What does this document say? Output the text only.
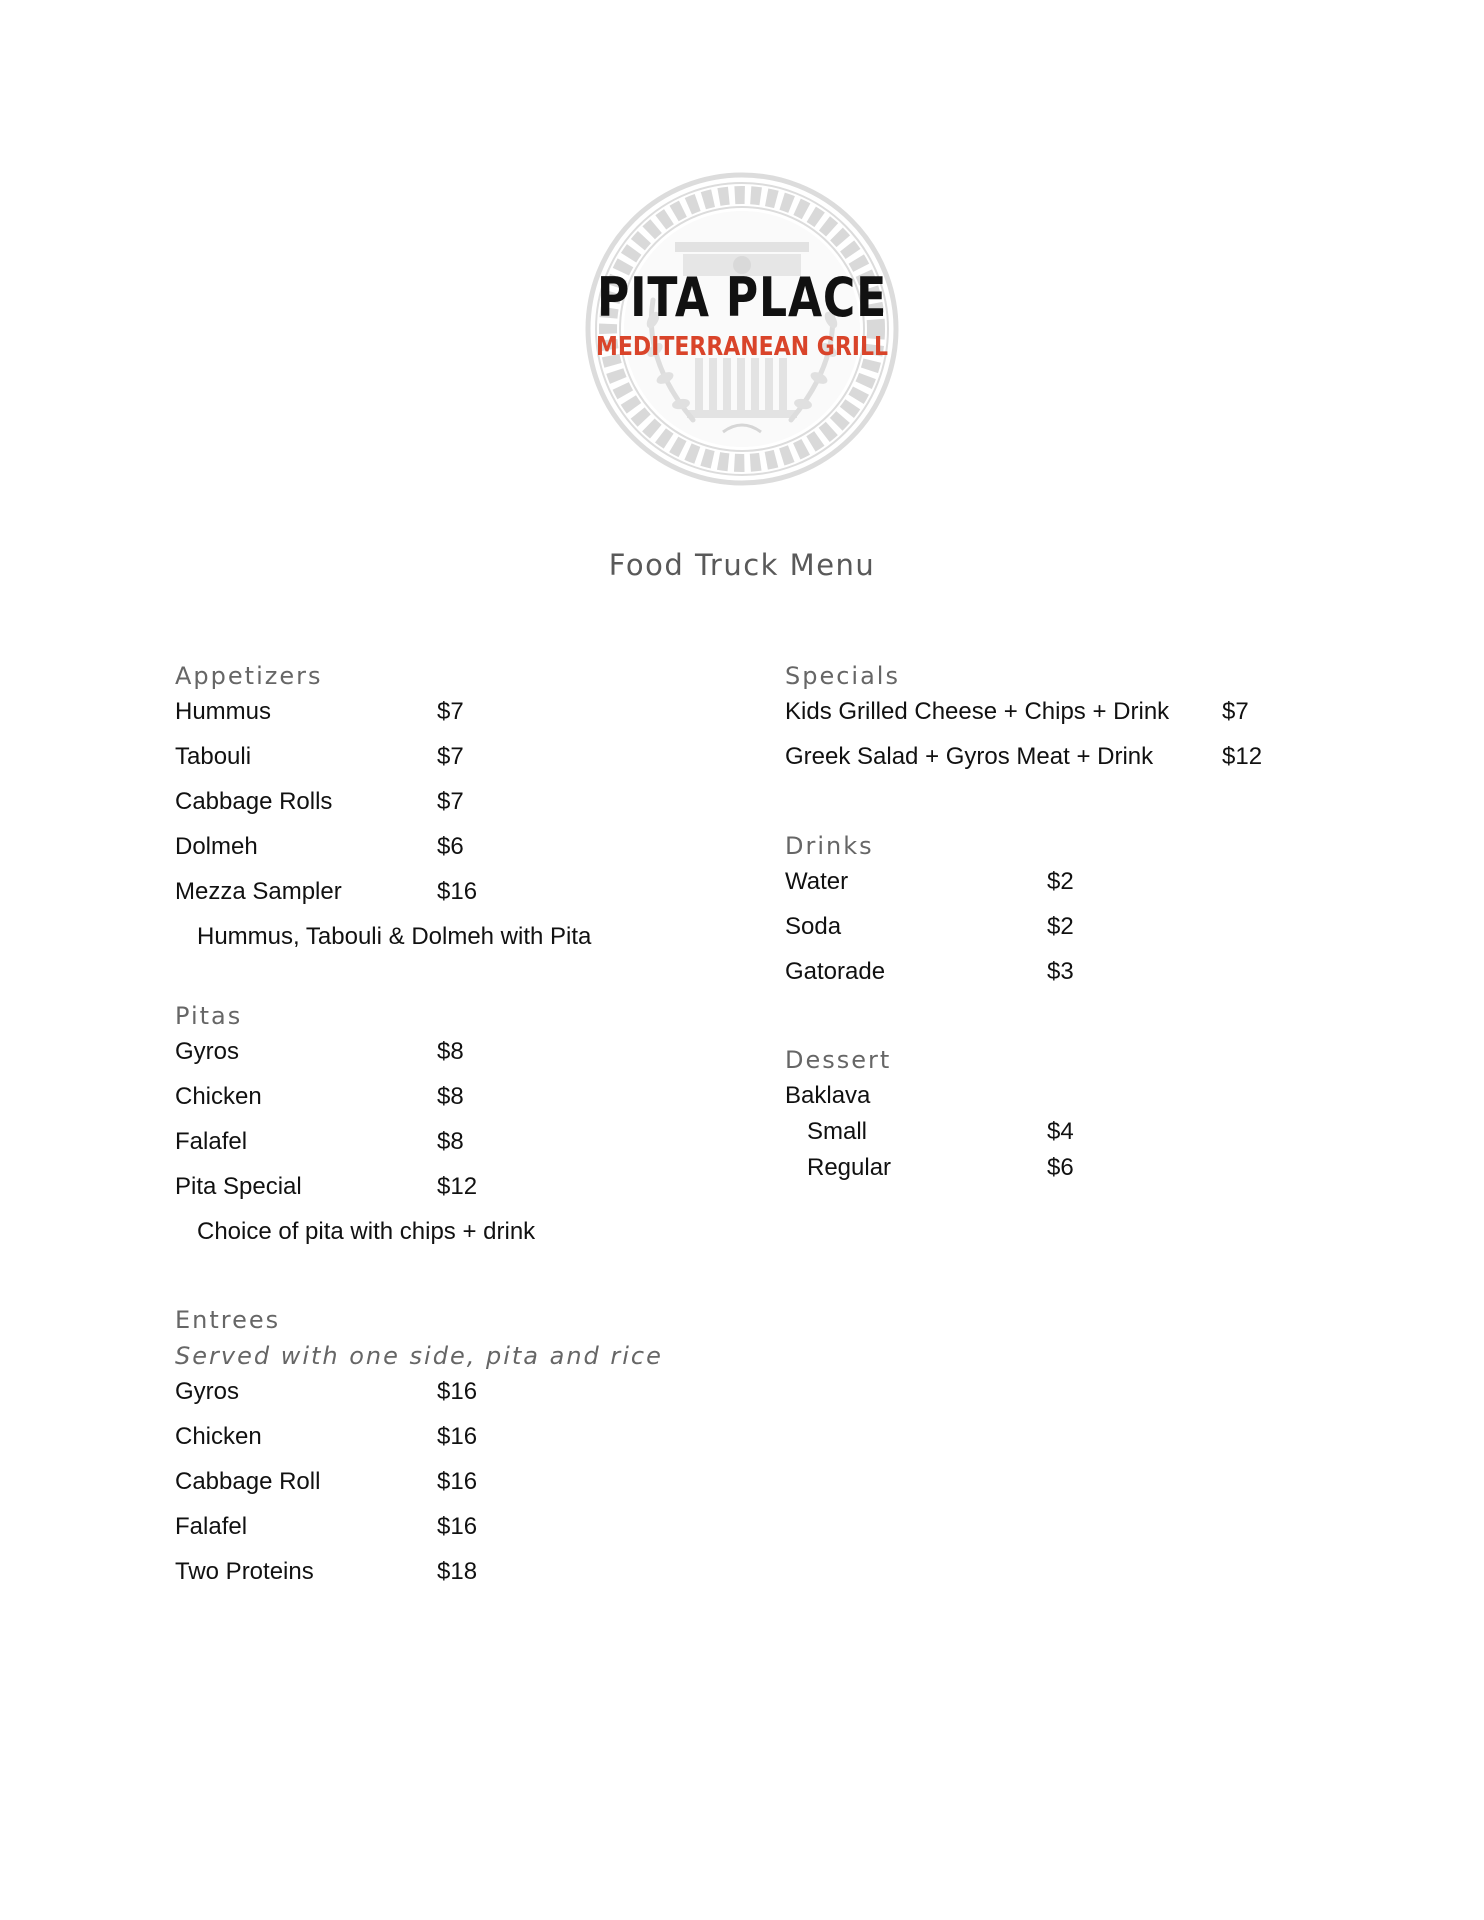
PITA PLACE
MEDITERRANEAN GRILL
Food Truck Menu
Appetizers
Hummus	$7
Tabouli	$7
Cabbage Rolls	$7
Dolmeh	$6
Mezza Sampler	$16
Hummus, Tabouli & Dolmeh with Pita
Pitas
Gyros	$8
Chicken	$8
Falafel	$8
Pita Special	$12
Choice of pita with chips + drink
Entrees
Served with one side, pita and rice
Gyros	$16
Chicken	$16
Cabbage Roll	$16
Falafel	$16
Two Proteins	$18
Specials
Kids Grilled Cheese + Chips + Drink $7
Greek Salad + Gyros Meat + Drink	$12
Drinks
Water	$2
Soda	$2
Gatorade	$3
Dessert
Baklava
Small	$4
Regular	$6
